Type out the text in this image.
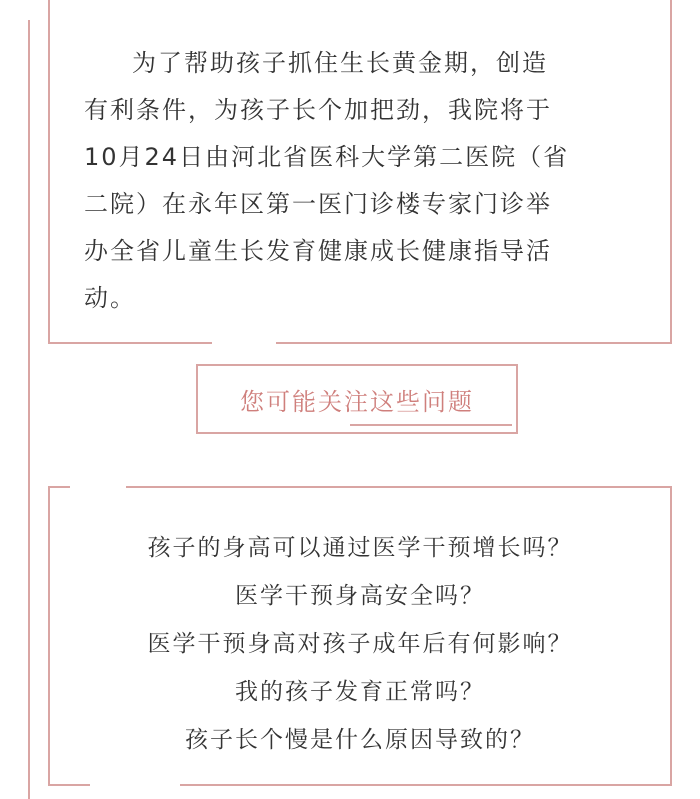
为了帮助孩子抓住生长黄金期，创造
有利条件，为孩子长个加把劲，我院将于
10月24日由河北省医科大学第二医院（省
二院）在永年区第一医门诊楼专家门诊举
办全省儿童生长发育健康成长健康指导活
动。
您可能关注这些问题
孩子的身高可以通过医学干预增长吗？
医学干预身高安全吗？
医学干预身高对孩子成年后有何影响？
我的孩子发育正常吗？
孩子长个慢是什么原因导致的？
